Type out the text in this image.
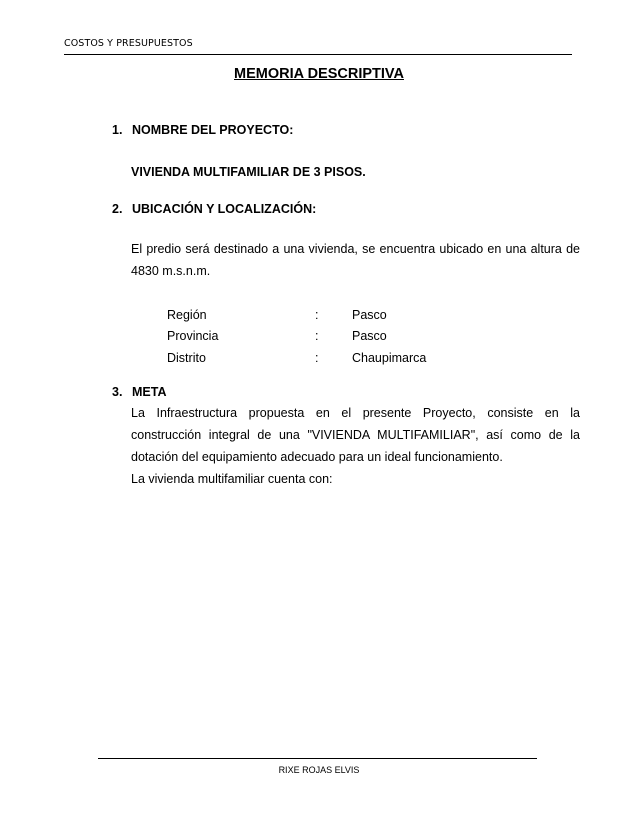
COSTOS Y PRESUPUESTOS
MEMORIA DESCRIPTIVA
1. NOMBRE DEL PROYECTO:
VIVIENDA MULTIFAMILIAR DE 3 PISOS.
2. UBICACIÓN Y LOCALIZACIÓN:
El predio será destinado a una vivienda, se encuentra ubicado en una altura de 4830 m.s.n.m.
Región	:	Pasco
Provincia	:	Pasco
Distrito	:	Chaupimarca
3. META
La Infraestructura propuesta en el presente Proyecto, consiste en la construcción integral de una "VIVIENDA MULTIFAMILIAR", así como de la dotación del equipamiento adecuado para un ideal funcionamiento.
La vivienda multifamiliar cuenta con:
RIXE ROJAS ELVIS
